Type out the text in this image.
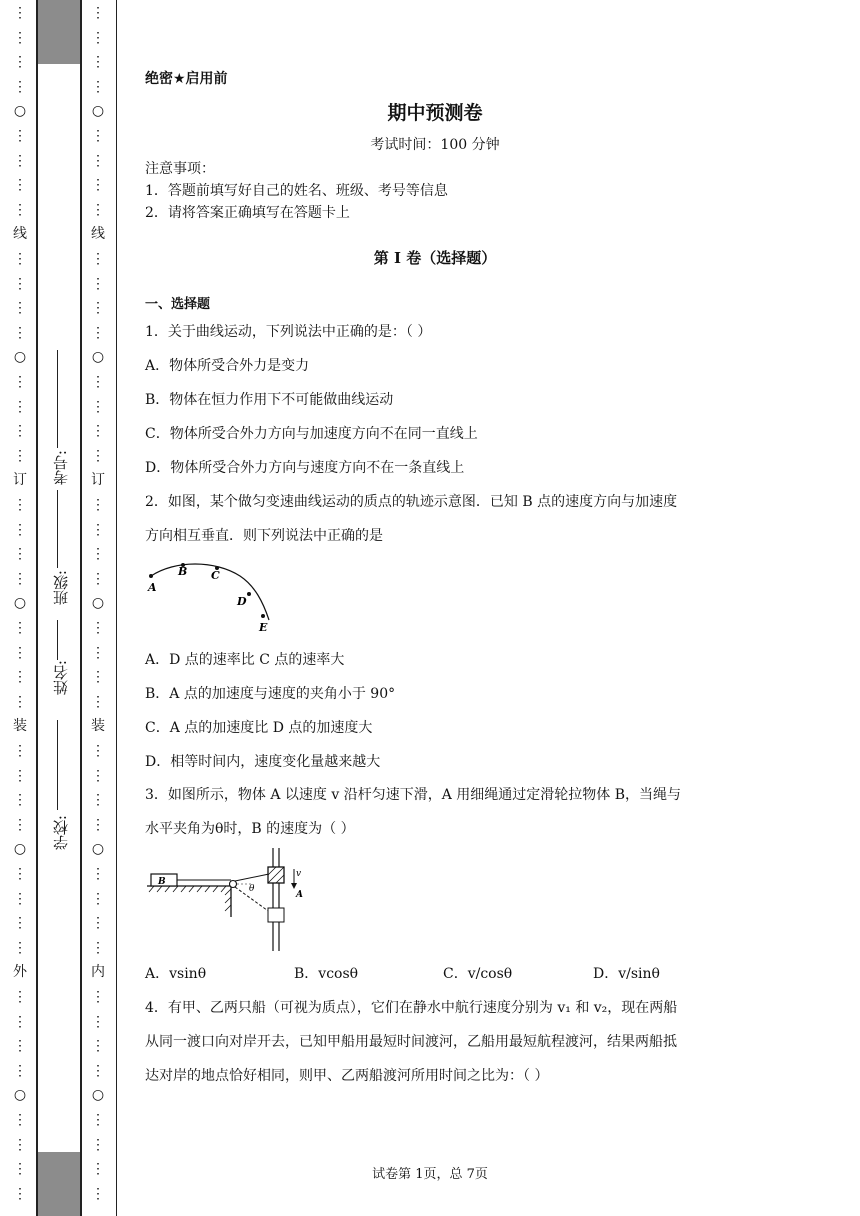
⋮
⋮
⋮
⋮
○
⋮
⋮
⋮
⋮
线
⋮
⋮
⋮
⋮
○
⋮
⋮
⋮
⋮
订
⋮
⋮
⋮
⋮
○
⋮
⋮
⋮
⋮
装
⋮
⋮
⋮
⋮
○
⋮
⋮
⋮
⋮
外
⋮
⋮
⋮
⋮
○
⋮
⋮
⋮
⋮
学校:
姓名:
班级:
考号:
⋮
⋮
⋮
⋮
○
⋮
⋮
⋮
⋮
线
⋮
⋮
⋮
⋮
○
⋮
⋮
⋮
⋮
订
⋮
⋮
⋮
⋮
○
⋮
⋮
⋮
⋮
装
⋮
⋮
⋮
⋮
○
⋮
⋮
⋮
⋮
内
⋮
⋮
⋮
⋮
○
⋮
⋮
⋮
⋮
绝密★启用前
期中预测卷
考试时间：100 分钟
注意事项：
1．答题前填写好自己的姓名、班级、考号等信息
2．请将答案正确填写在答题卡上
第 I 卷（选择题）
一、选择题
1．关于曲线运动，下列说法中正确的是：（ ）
A．物体所受合外力是变力
B．物体在恒力作用下不可能做曲线运动
C．物体所受合外力方向与加速度方向不在同一直线上
D．物体所受合外力方向与速度方向不在一条直线上
2．如图，某个做匀变速曲线运动的质点的轨迹示意图．已知 B 点的速度方向与加速度
方向相互垂直．则下列说法中正确的是
A
B C
D
E
A．D 点的速率比 C 点的速率大
B．A 点的加速度与速度的夹角小于 90°
C．A 点的加速度比 D 点的加速度大
D．相等时间内，速度变化量越来越大
3．如图所示，物体 A 以速度 v 沿杆匀速下滑，A 用细绳通过定滑轮拉物体 B，当绳与
水平夹角为θ时，B 的速度为（ ）
B
θ
v
A
A．vsinθ	B．vcosθ	C．v/cosθ	D．v/sinθ
4．有甲、乙两只船（可视为质点），它们在静水中航行速度分别为 v₁ 和 v₂，现在两船
从同一渡口向对岸开去，已知甲船用最短时间渡河，乙船用最短航程渡河，结果两船抵
达对岸的地点恰好相同，则甲、乙两船渡河所用时间之比为：（ ）
试卷第 1页，总 7页
